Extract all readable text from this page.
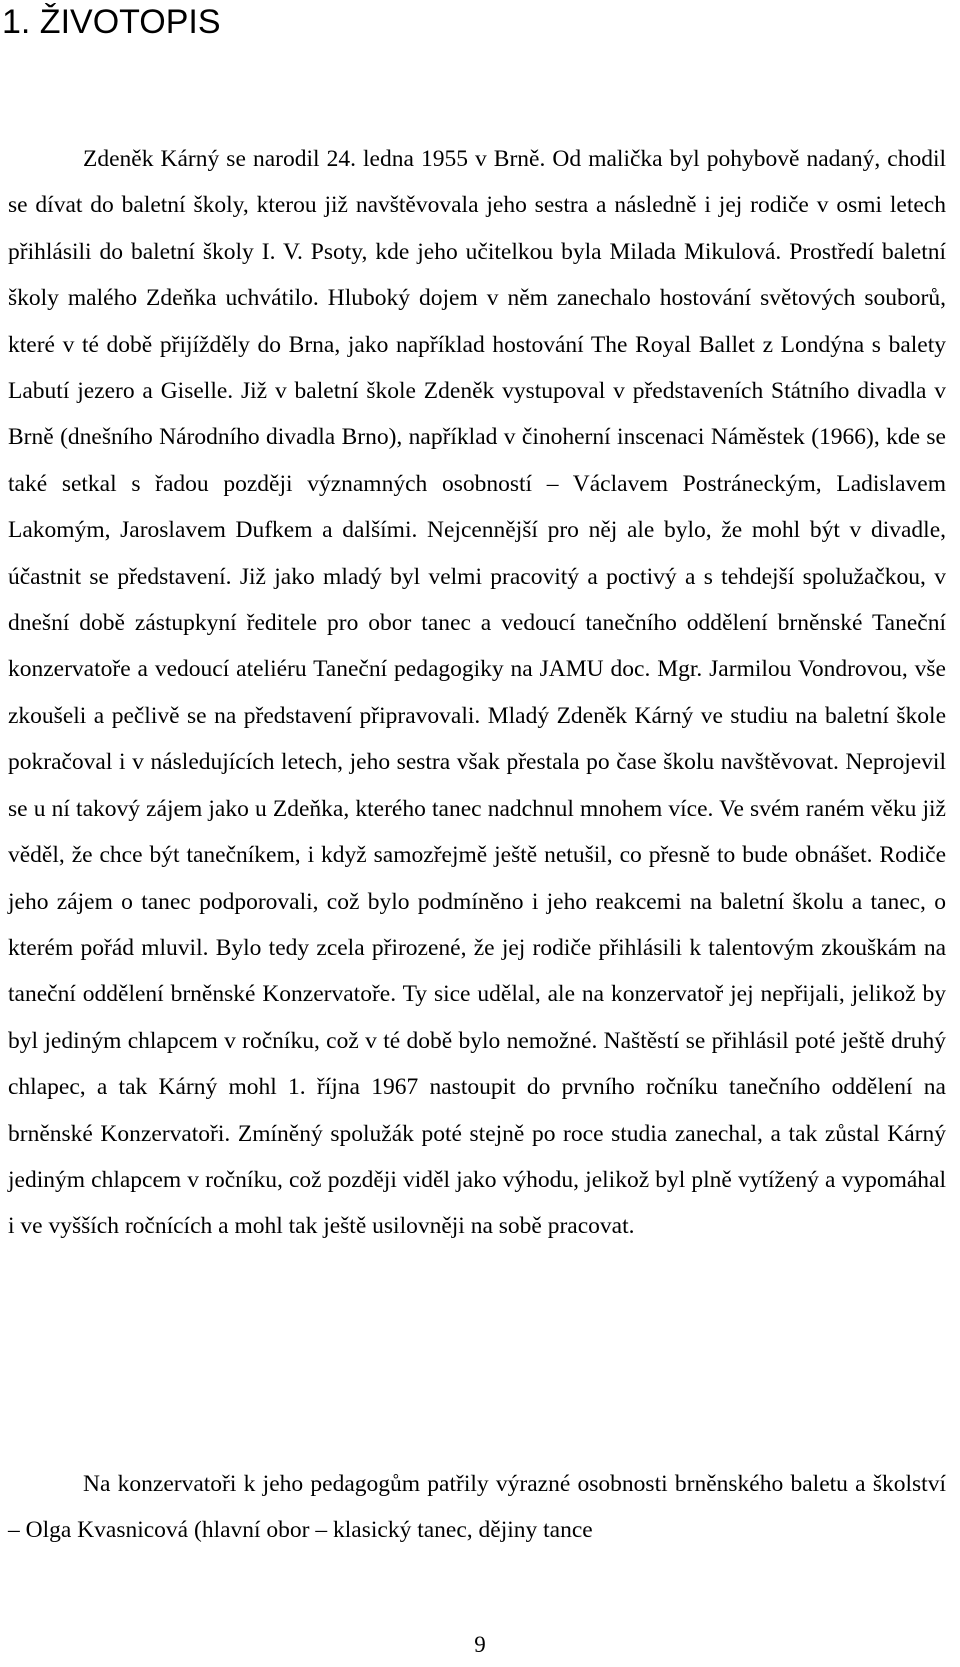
1. ŽIVOTOPIS

Zdeněk Kárný se narodil 24. ledna 1955 v Brně. Od malička byl pohybově nadaný, chodil se dívat do baletní školy, kterou již navštěvovala jeho sestra a následně i jej rodiče v osmi letech přihlásili do baletní školy I. V. Psoty, kde jeho učitelkou byla Milada Mikulová. Prostředí baletní školy malého Zdeňka uchvátilo. Hluboký dojem v něm zanechalo hostování světových souborů, které v té době přijížděly do Brna, jako například hostování The Royal Ballet z Londýna s balety Labutí jezero a Giselle. Již v baletní škole Zdeněk vystupoval v představeních Státního divadla v Brně (dnešního Národního divadla Brno), například v činoherní inscenaci Náměstek (1966), kde se také setkal s řadou později významných osobností – Václavem Postráneckým, Ladislavem Lakomým, Jaroslavem Dufkem a dalšími. Nejcennější pro něj ale bylo, že mohl být v divadle, účastnit se představení. Již jako mladý byl velmi pracovitý a poctivý a s tehdejší spolužačkou, v dnešní době zástupkyní ředitele pro obor tanec a vedoucí tanečního oddělení brněnské Taneční konzervatoře a vedoucí ateliéru Taneční pedagogiky na JAMU doc. Mgr. Jarmilou Vondrovou, vše zkoušeli a pečlivě se na představení připravovali. Mladý Zdeněk Kárný ve studiu na baletní škole pokračoval i v následujících letech, jeho sestra však přestala po čase školu navštěvovat. Neprojevil se u ní takový zájem jako u Zdeňka, kterého tanec nadchnul mnohem více. Ve svém raném věku již věděl, že chce být tanečníkem, i když samozřejmě ještě netušil, co přesně to bude obnášet. Rodiče jeho zájem o tanec podporovali, což bylo podmíněno i jeho reakcemi na baletní školu a tanec, o kterém pořád mluvil. Bylo tedy zcela přirozené, že jej rodiče přihlásili k talentovým zkouškám na taneční oddělení brněnské Konzervatoře. Ty sice udělal, ale na konzervatoř jej nepřijali, jelikož by byl jediným chlapcem v ročníku, což v té době bylo nemožné. Naštěstí se přihlásil poté ještě druhý chlapec, a tak Kárný mohl 1. října 1967 nastoupit do prvního ročníku tanečního oddělení na brněnské Konzervatoři. Zmíněný spolužák poté stejně po roce studia zanechal, a tak zůstal Kárný jediným chlapcem v ročníku, což později viděl jako výhodu, jelikož byl plně vytížený a vypomáhal i ve vyšších ročnících a mohl tak ještě usilovněji na sobě pracovat.

Na konzervatoři k jeho pedagogům patřily výrazné osobnosti brněnského baletu a školství – Olga Kvasnicová (hlavní obor – klasický tanec, dějiny tance

9
